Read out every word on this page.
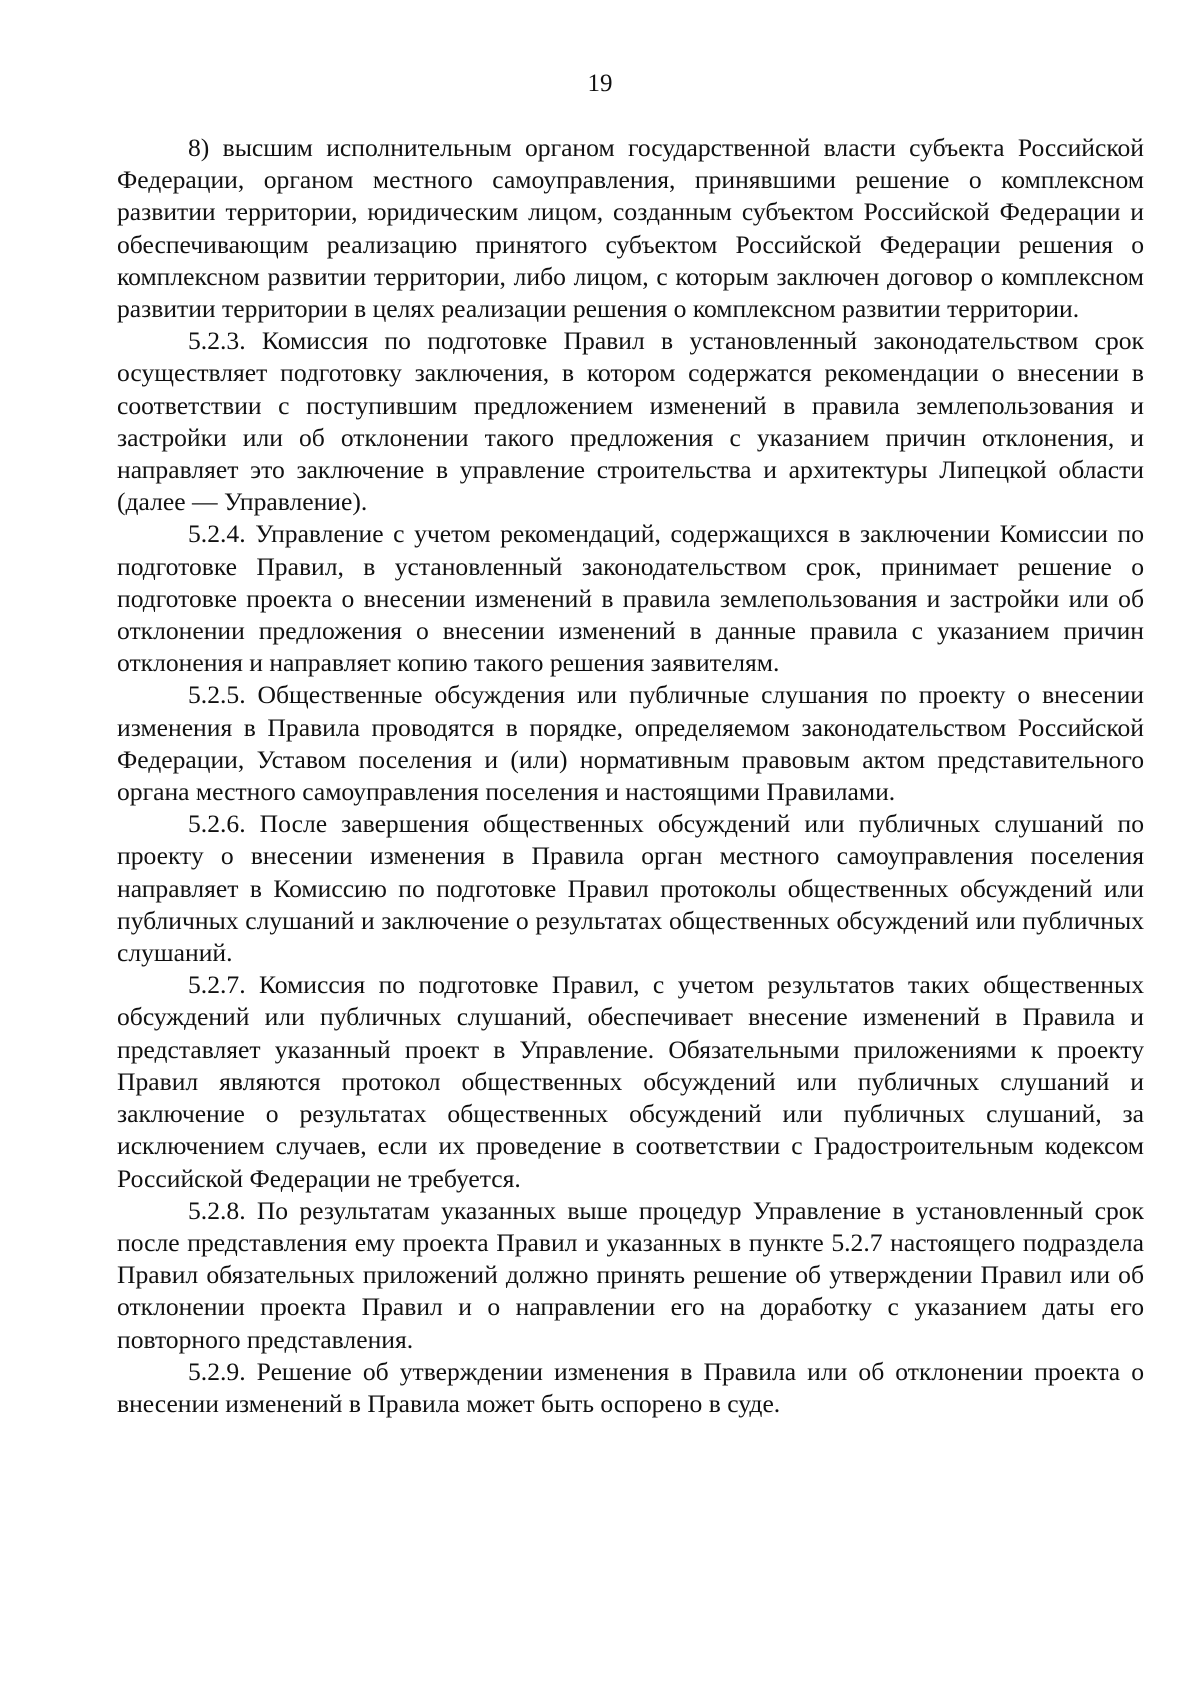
19

8) высшим исполнительным органом государственной власти субъекта Российской Федерации, органом местного самоуправления, принявшими решение о комплексном развитии территории, юридическим лицом, созданным субъектом Российской Федерации и обеспечивающим реализацию принятого субъектом Российской Федерации решения о комплексном развитии территории, либо лицом, с которым заключен договор о комплексном развитии территории в целях реализации решения о комплексном развитии территории.

5.2.3. Комиссия по подготовке Правил в установленный законодательством срок осуществляет подготовку заключения, в котором содержатся рекомендации о внесении в соответствии с поступившим предложением изменений в правила землепользования и застройки или об отклонении такого предложения с указанием причин отклонения, и направляет это заключение в управление строительства и архитектуры Липецкой области (далее — Управление).

5.2.4. Управление с учетом рекомендаций, содержащихся в заключении Комиссии по подготовке Правил, в установленный законодательством срок, принимает решение о подготовке проекта о внесении изменений в правила землепользования и застройки или об отклонении предложения о внесении изменений в данные правила с указанием причин отклонения и направляет копию такого решения заявителям.

5.2.5. Общественные обсуждения или публичные слушания по проекту о внесении изменения в Правила проводятся в порядке, определяемом законодательством Российской Федерации, Уставом поселения и (или) нормативным правовым актом представительного органа местного самоуправления поселения и настоящими Правилами.

5.2.6. После завершения общественных обсуждений или публичных слушаний по проекту о внесении изменения в Правила орган местного самоуправления поселения направляет в Комиссию по подготовке Правил протоколы общественных обсуждений или публичных слушаний и заключение о результатах общественных обсуждений или публичных слушаний.

5.2.7. Комиссия по подготовке Правил, с учетом результатов таких общественных обсуждений или публичных слушаний, обеспечивает внесение изменений в Правила и представляет указанный проект в Управление. Обязательными приложениями к проекту Правил являются протокол общественных обсуждений или публичных слушаний и заключение о результатах общественных обсуждений или публичных слушаний, за исключением случаев, если их проведение в соответствии с Градостроительным кодексом Российской Федерации не требуется.

5.2.8. По результатам указанных выше процедур Управление в установленный срок после представления ему проекта Правил и указанных в пункте 5.2.7 настоящего подраздела Правил обязательных приложений должно принять решение об утверждении Правил или об отклонении проекта Правил и о направлении его на доработку с указанием даты его повторного представления.

5.2.9. Решение об утверждении изменения в Правила или об отклонении проекта о внесении изменений в Правила может быть оспорено в суде.
